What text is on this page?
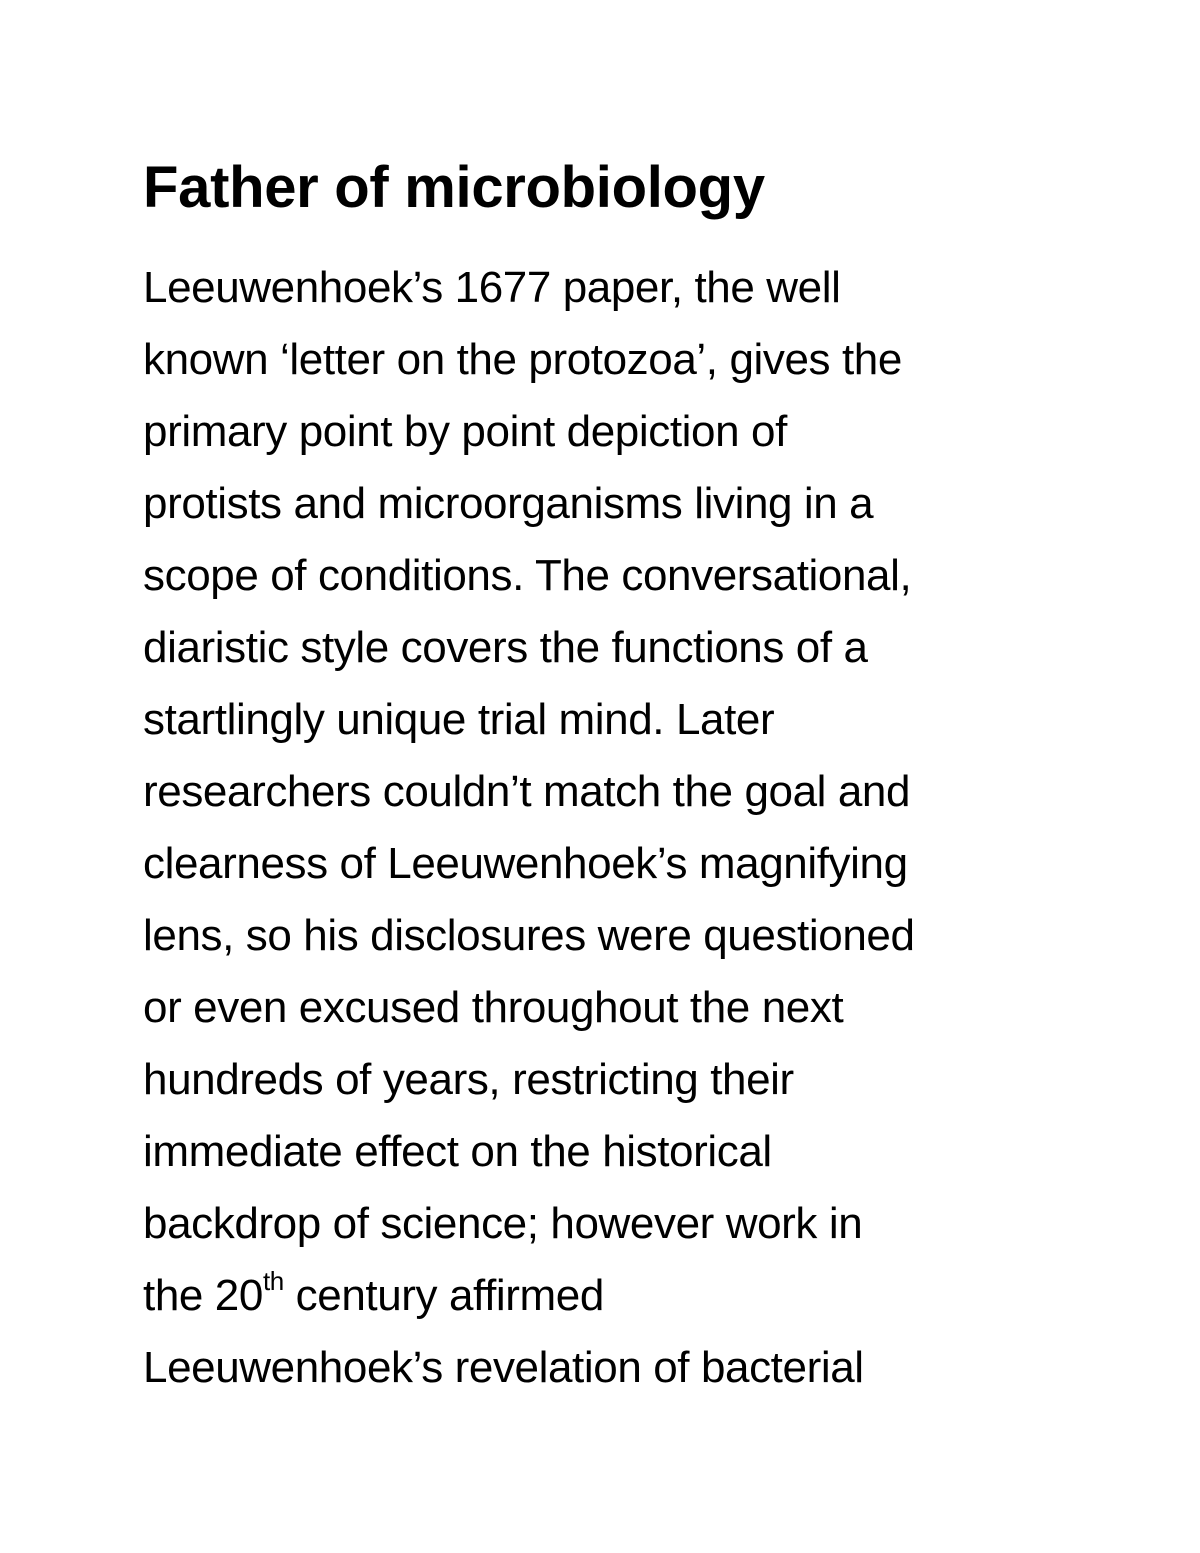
Father of microbiology
Leeuwenhoek’s 1677 paper, the well
known ‘letter on the protozoa’, gives the
primary point by point depiction of
protists and microorganisms living in a
scope of conditions. The conversational,
diaristic style covers the functions of a
startlingly unique trial mind. Later
researchers couldn’t match the goal and
clearness of Leeuwenhoek’s magnifying
lens, so his disclosures were questioned
or even excused throughout the next
hundreds of years, restricting their
immediate effect on the historical
backdrop of science; however work in
the 20th century affirmed
Leeuwenhoek’s revelation of bacterial
